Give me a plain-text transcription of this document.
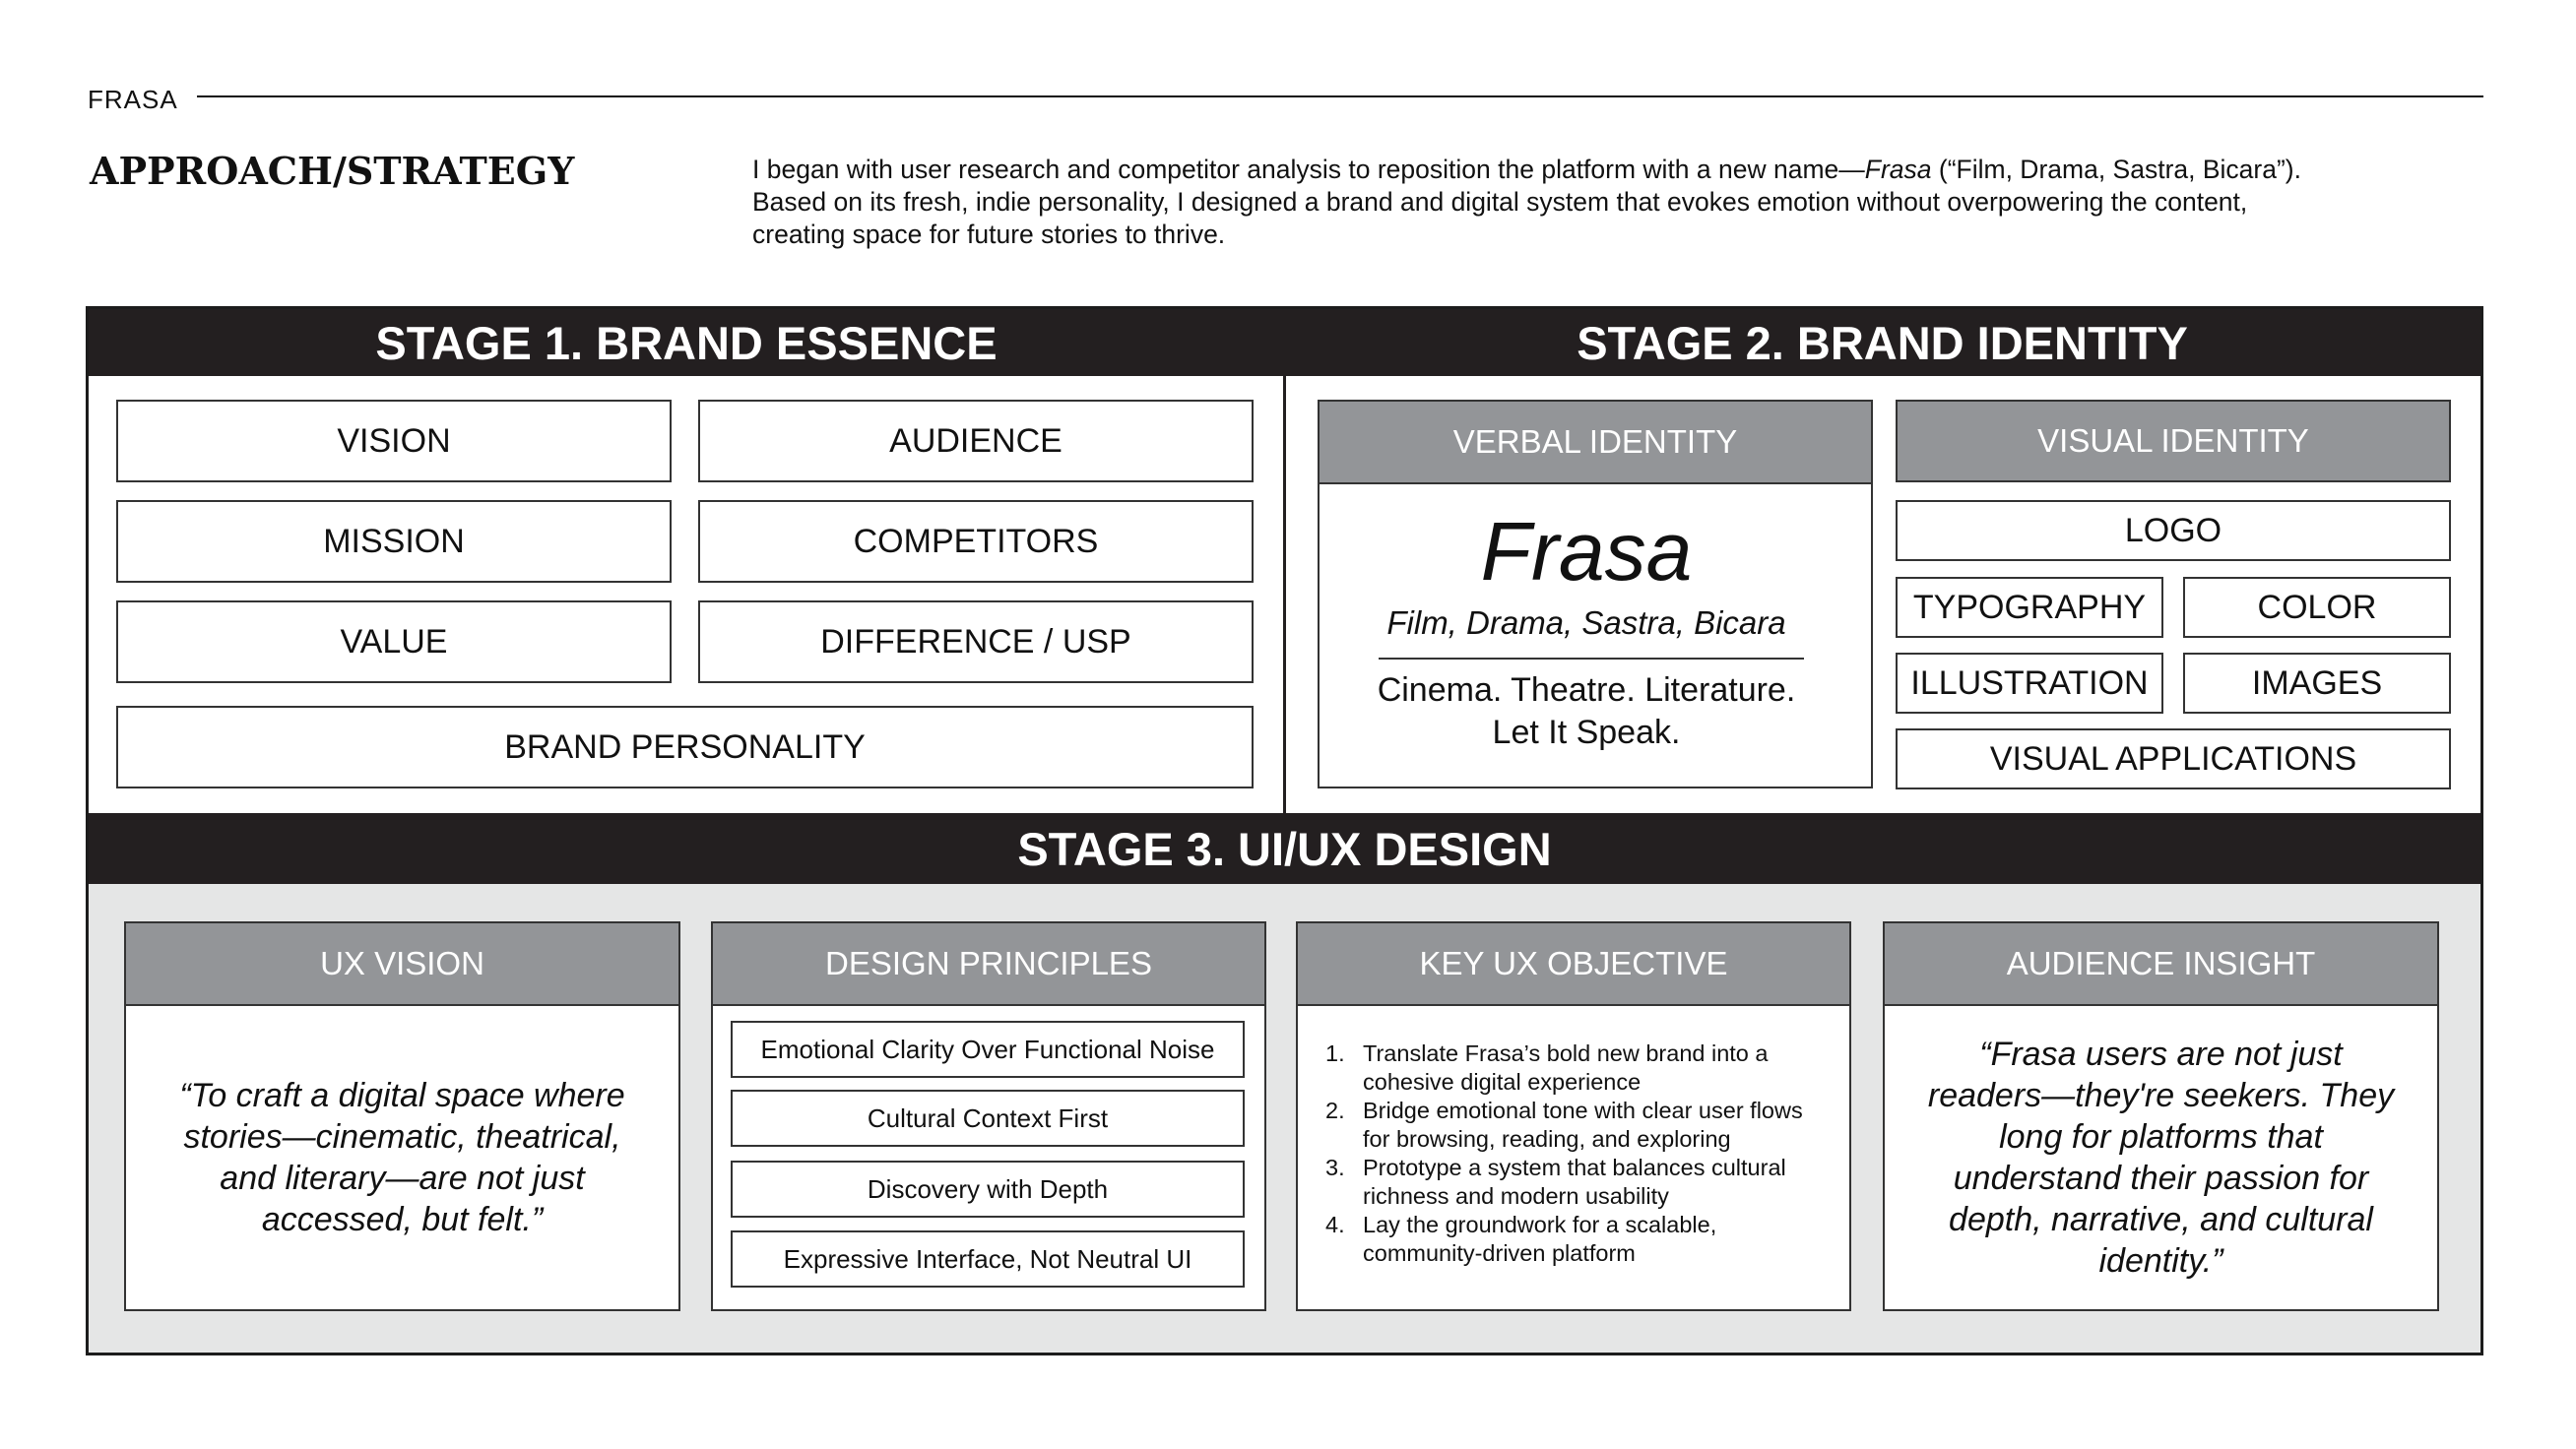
FRASA
APPROACH/STRATEGY	I began with user research and competitor analysis to reposition the platform with a new name—Frasa (“Film, Drama, Sastra, Bicara”).

Based on its fresh, indie personality, I designed a brand and digital system that evokes emotion without overpowering the content,

creating space for future stories to thrive.

STAGE 1. BRAND ESSENCE	STAGE 2. BRAND IDENTITY
VISION	AUDIENCE
MISSION	COMPETITORS
VALUE	DIFFERENCE / USP
BRAND PERSONALITY
VERBAL IDENTITY
Frasa
Film, Drama, Sastra, Bicara
Cinema. Theatre. Literature.
Let It Speak.
VISUAL IDENTITY
LOGO
TYPOGRAPHY	COLOR
ILLUSTRATION	IMAGES
VISUAL APPLICATIONS
STAGE 3. UI/UX DESIGN
UX VISION
“To craft a digital space where
stories—cinematic, theatrical,
and literary—are not just
accessed, but felt.”
DESIGN PRINCIPLES
Emotional Clarity Over Functional Noise
Cultural Context First
Discovery with Depth
Expressive Interface, Not Neutral UI
KEY UX OBJECTIVE
1. Translate Frasa’s bold new brand into a
cohesive digital experience
2. Bridge emotional tone with clear user flows
for browsing, reading, and exploring
3. Prototype a system that balances cultural
richness and modern usability
4. Lay the groundwork for a scalable,
community-driven platform
AUDIENCE INSIGHT
“Frasa users are not just
readers—they're seekers. They
long for platforms that
understand their passion for
depth, narrative, and cultural
identity.”
